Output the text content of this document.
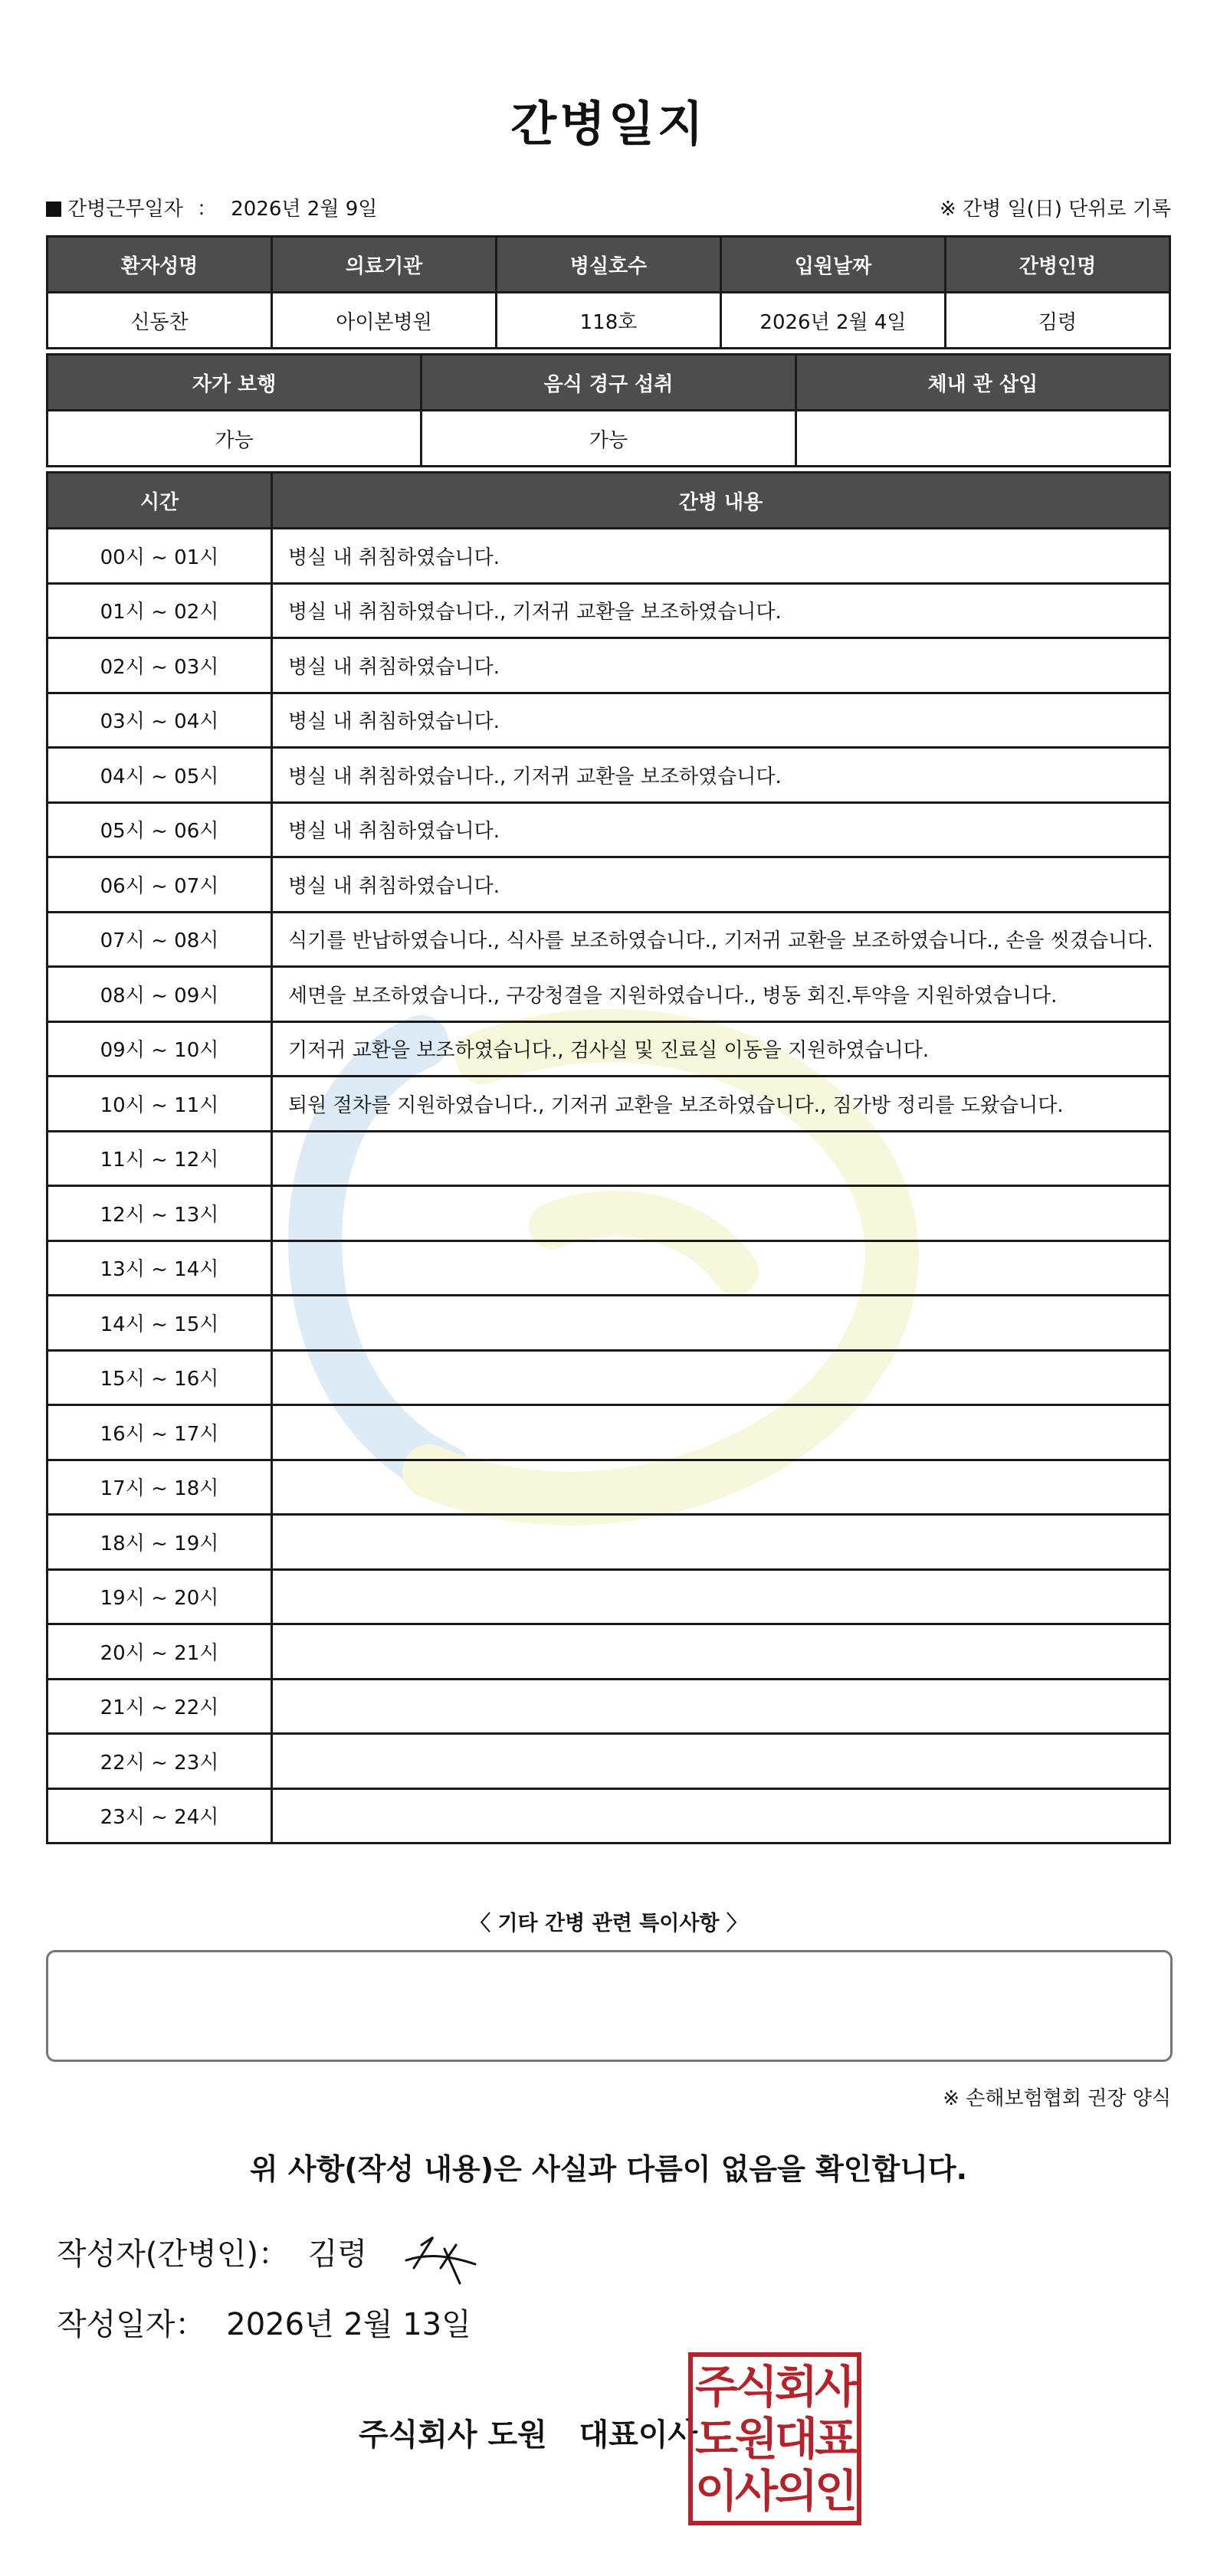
간병일지
간병근무일자 ： 2026년 2월 9일	※ 간병 일(日) 단위로 기록
환자성명	의료기관	병실호수	입원날짜	간병인명
신동찬	아이본병원	118호	2026년 2월 4일	김령
자가 보행	음식 경구 섭취	체내 관 삽입
가능	가능	
시간	간병 내용
00시 ~ 01시	병실 내 취침하였습니다.
01시 ~ 02시	병실 내 취침하였습니다., 기저귀 교환을 보조하였습니다.
02시 ~ 03시	병실 내 취침하였습니다.
03시 ~ 04시	병실 내 취침하였습니다.
04시 ~ 05시	병실 내 취침하였습니다., 기저귀 교환을 보조하였습니다.
05시 ~ 06시	병실 내 취침하였습니다.
06시 ~ 07시	병실 내 취침하였습니다.
07시 ~ 08시	식기를 반납하였습니다., 식사를 보조하였습니다., 기저귀 교환을 보조하였습니다., 손을 씻겼습니다.
08시 ~ 09시	세면을 보조하였습니다., 구강청결을 지원하였습니다., 병동 회진.투약을 지원하였습니다.
09시 ~ 10시	기저귀 교환을 보조하였습니다., 검사실 및 진료실 이동을 지원하였습니다.
10시 ~ 11시	퇴원 절차를 지원하였습니다., 기저귀 교환을 보조하였습니다., 짐가방 정리를 도왔습니다.
11시 ~ 12시	
12시 ~ 13시	
13시 ~ 14시	
14시 ~ 15시	
15시 ~ 16시	
16시 ~ 17시	
17시 ~ 18시	
18시 ~ 19시	
19시 ~ 20시	
20시 ~ 21시	
21시 ~ 22시	
22시 ~ 23시	
23시 ~ 24시	
〈 기타 간병 관련 특이사항 〉
※ 손해보험협회 권장 양식
위 사항(작성 내용)은 사실과 다름이 없음을 확인합니다.
작성자(간병인)： 김령
작성일자： 2026년 2월 13일
주식회사 도원   대표이사
주식회사
도원대표
이사의인
